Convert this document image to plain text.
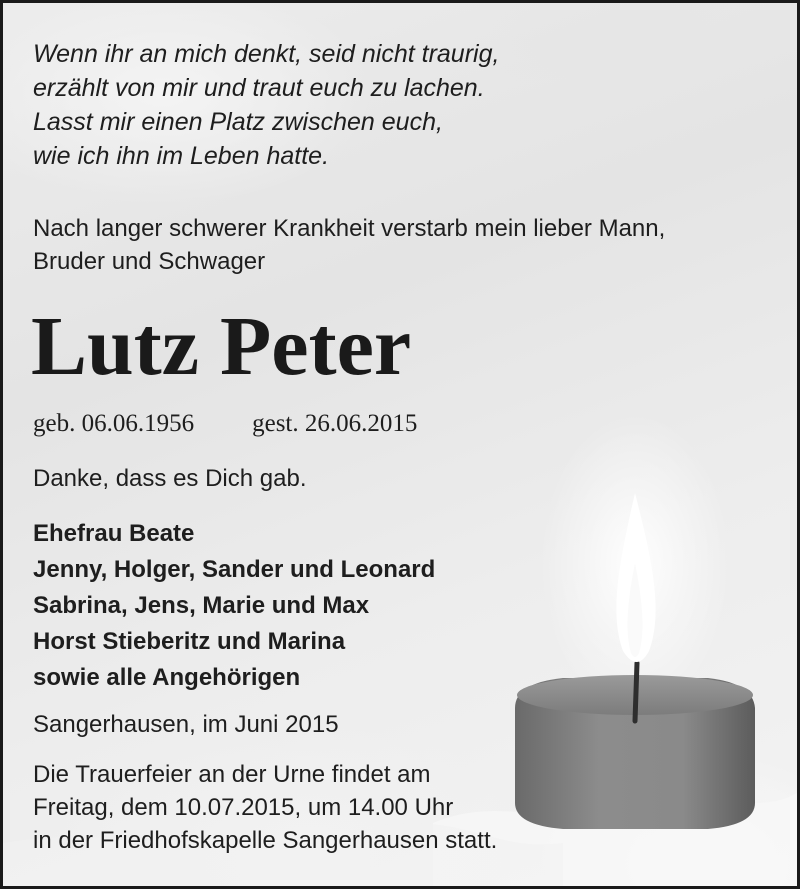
Wenn ihr an mich denkt, seid nicht traurig,
erzählt von mir und traut euch zu lachen.
Lasst mir einen Platz zwischen euch,
wie ich ihn im Leben hatte.

Nach langer schwerer Krankheit verstarb mein lieber Mann,
Bruder und Schwager

Lutz Peter

geb. 06.06.1956 gest. 26.06.2015

Danke, dass es Dich gab.

Ehefrau Beate
Jenny, Holger, Sander und Leonard
Sabrina, Jens, Marie und Max
Horst Stieberitz und Marina
sowie alle Angehörigen

Sangerhausen, im Juni 2015

Die Trauerfeier an der Urne findet am
Freitag, dem 10.07.2015, um 14.00 Uhr
in der Friedhofskapelle Sangerhausen statt.
